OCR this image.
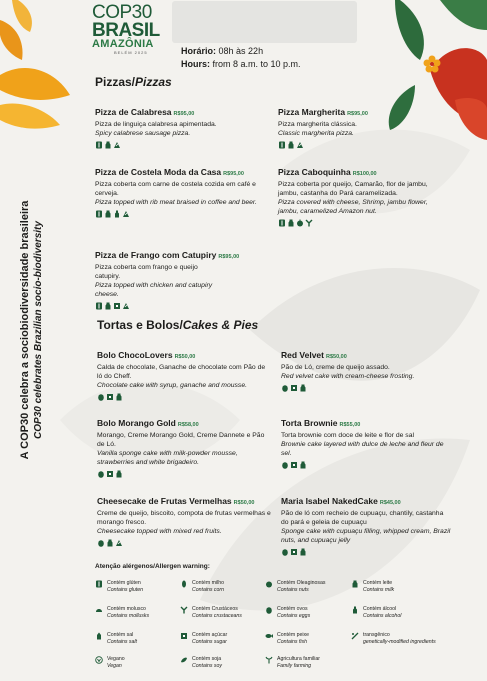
A COP30 celebra a sociobiodiversidade brasileira COP30 celebrates Brazilian socio-biodiversity
COP30
BRASIL
AMAZÔNIA
BELÉM 2025	Horário: 08h às 22h
Hours: from 8 a.m. to 10 p.m.
Pizzas/Pizzas
Pizza de Calabresa R$95,00
Pizza de linguiça calabresa apimentada.
Spicy calabrese sausage pizza.
Pizza Margherita R$95,00
Pizza margherita clássica.
Classic margherita pizza.
Pizza de Costela Moda da Casa R$95,00
Pizza coberta com carne de costela cozida em café e cerveja.
Pizza topped with rib meat braised in coffee and beer.
Pizza Caboquinha R$100,00
Pizza coberta por queijo, Camarão, flor de jambu, jambu, castanha do Pará caramelizada.
Pizza covered with cheese, Shrimp, jambu flower, jambu, caramelized Amazon nut.
Pizza de Frango com Catupiry R$95,00
Pizza coberta com frango e queijo catupiry.
Pizza topped with chicken and catupiry cheese.
Tortas e Bolos/Cakes & Pies
Bolo ChocoLovers R$50,00
Calda de chocolate, Ganache de chocolate com Pão de ló do Cheff.
Chocolate cake with syrup, ganache and mousse.
Red Velvet R$50,00
Pão de Ló, creme de queijo assado.
Red velvet cake with cream-cheese frosting.
Bolo Morango Gold R$58,00
Morango, Creme Morango Gold, Creme Dannete e Pão de Ló.
Vanilla sponge cake with milk-powder mousse, strawberries and white brigadeiro.
Torta Brownie R$55,00
Torta brownie com doce de leite e flor de sal
Brownie cake layered with dulce de leche and fleur de sel.
Cheesecake de Frutas Vermelhas R$50,00
Creme de queijo, biscoito, compota de frutas vermelhas e morango fresco.
Cheesecake topped with mixed red fruits.
Maria Isabel NakedCake R$45,00
Pão de ló com recheio de cupuaçu, chantily, castanha do pará e geleia de cupuaçu
Sponge cake with cupuaçu filling, whipped cream, Brazil nuts, and cupuaçu jelly
Atenção alérgenos/Allergen warning:
Contém glúten
Contains gluten
Contém milho
Contains corn
Contém Oleaginosas
Contains nuts
Contém leite
Contains milk
Contém molusco
Contains mollusks
Contém Crustáceos
Contains crustaceans
Contém ovos
Contains eggs
Contém álcool
Contains alcohol
Contém sal
Contains salt
Contém açúcar
Contains sugar
Contém peixe
Contains fish
transgênico
genetically-modified ingredients
Vegano
Vegan
Contém soja
Contains soy
Agricultura familiar
Family farming
